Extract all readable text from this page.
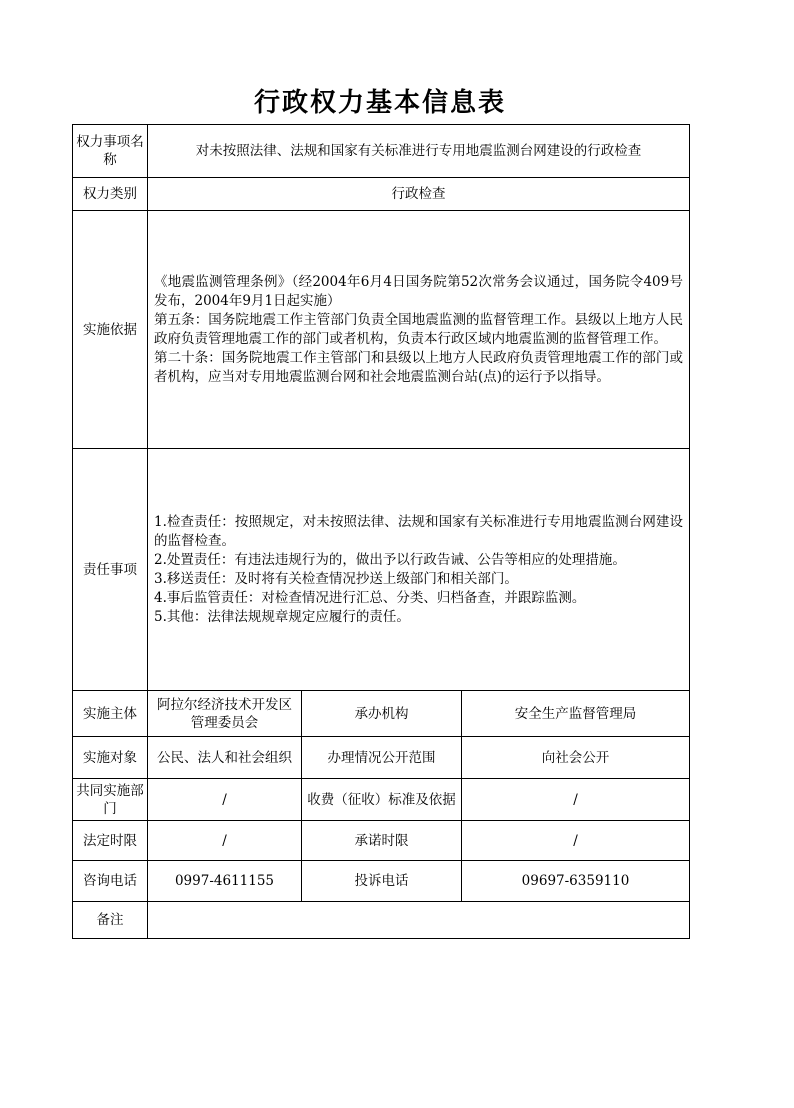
行政权力基本信息表
权力事项名称	对未按照法律、法规和国家有关标准进行专用地震监测台网建设的行政检查		
权力类别	行政检查		
实施依据	《地震监测管理条例》（经2004年6月4日国务院第52次常务会议通过，国务院令409号发布，2004年9月1日起实施）
第五条：国务院地震工作主管部门负责全国地震监测的监督管理工作。县级以上地方人民政府负责管理地震工作的部门或者机构，负责本行政区域内地震监测的监督管理工作。
第二十条：国务院地震工作主管部门和县级以上地方人民政府负责管理地震工作的部门或者机构，应当对专用地震监测台网和社会地震监测台站(点)的运行予以指导。		

责任事项	1.检查责任：按照规定，对未按照法律、法规和国家有关标准进行专用地震监测台网建设的监督检查。
2.处置责任：有违法违规行为的，做出予以行政告诫、公告等相应的处理措施。
3.移送责任：及时将有关检查情况抄送上级部门和相关部门。
4.事后监管责任：对检查情况进行汇总、分类、归档备查，并跟踪监测。
5.其他：法律法规规章规定应履行的责任。		

实施主体	阿拉尔经济技术开发区管理委员会	承办机构	安全生产监督管理局
实施对象	公民、法人和社会组织	办理情况公开范围	向社会公开
共同实施部门	/	收费（征收）标准及依据	/
法定时限	/	承诺时限	/
咨询电话	0997-4611155	投诉电话	09697-6359110
备注			
